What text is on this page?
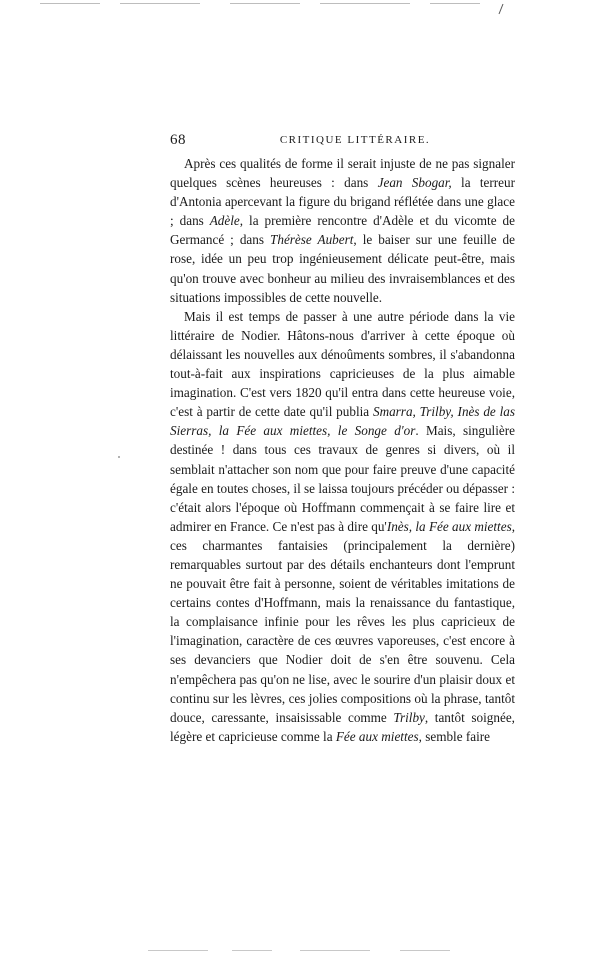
68	CRITIQUE LITTÉRAIRE.

Après ces qualités de forme il serait injuste de ne pas signaler quelques scènes heureuses : dans Jean Sbogar, la terreur d'Antonia apercevant la figure du brigand réflétée dans une glace ; dans Adèle, la première rencontre d'Adèle et du vicomte de Germancé ; dans Thérèse Aubert, le baiser sur une feuille de rose, idée un peu trop ingénieusement délicate peut-être, mais qu'on trouve avec bonheur au milieu des invraisemblances et des situations impossibles de cette nouvelle.

Mais il est temps de passer à une autre période dans la vie littéraire de Nodier. Hâtons-nous d'arriver à cette époque où délaissant les nouvelles aux dénoûments sombres, il s'abandonna tout-à-fait aux inspirations capricieuses de la plus aimable imagination. C'est vers 1820 qu'il entra dans cette heureuse voie, c'est à partir de cette date qu'il publia Smarra, Trilby, Inès de las Sierras, la Fée aux miettes, le Songe d'or. Mais, singulière destinée ! dans tous ces travaux de genres si divers, où il semblait n'attacher son nom que pour faire preuve d'une capacité égale en toutes choses, il se laissa toujours précéder ou dépasser : c'était alors l'époque où Hoffmann commençait à se faire lire et admirer en France. Ce n'est pas à dire qu'Inès, la Fée aux miettes, ces charmantes fantaisies (principalement la dernière) remarquables surtout par des détails enchanteurs dont l'emprunt ne pouvait être fait à personne, soient de véritables imitations de certains contes d'Hoffmann, mais la renaissance du fantastique, la complaisance infinie pour les rêves les plus capricieux de l'imagination, caractère de ces œuvres vaporeuses, c'est encore à ses devanciers que Nodier doit de s'en être souvenu. Cela n'empêchera pas qu'on ne lise, avec le sourire d'un plaisir doux et continu sur les lèvres, ces jolies compositions où la phrase, tantôt douce, caressante, insaisissable comme Trilby, tantôt soignée, légère et capricieuse comme la Fée aux miettes, semble faire
